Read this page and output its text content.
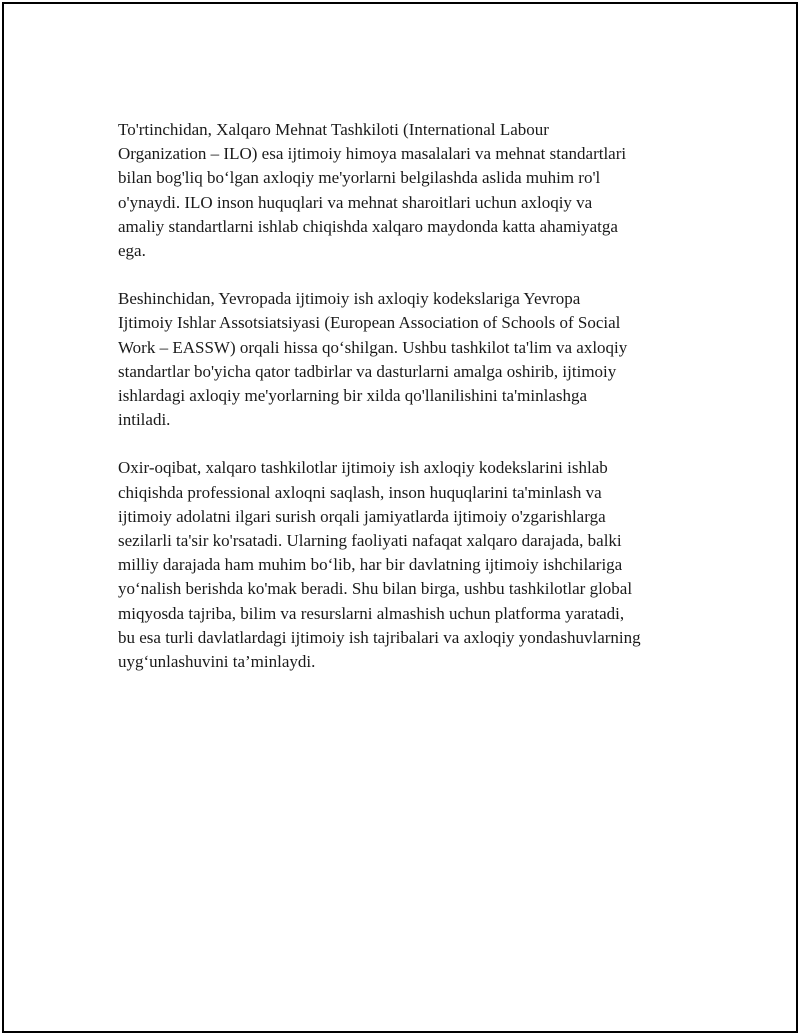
To'rtinchidan, Xalqaro Mehnat Tashkiloti (International Labour
Organization – ILO) esa ijtimoiy himoya masalalari va mehnat standartlari
bilan bog'liq bo‘lgan axloqiy me'yorlarni belgilashda aslida muhim ro'l
o'ynaydi. ILO inson huquqlari va mehnat sharoitlari uchun axloqiy va
amaliy standartlarni ishlab chiqishda xalqaro maydonda katta ahamiyatga
ega.

Beshinchidan, Yevropada ijtimoiy ish axloqiy kodekslariga Yevropa
Ijtimoiy Ishlar Assotsiatsiyasi (European Association of Schools of Social
Work – EASSW) orqali hissa qo‘shilgan. Ushbu tashkilot ta'lim va axloqiy
standartlar bo'yicha qator tadbirlar va dasturlarni amalga oshirib, ijtimoiy
ishlardagi axloqiy me'yorlarning bir xilda qo'llanilishini ta'minlashga
intiladi.

Oxir-oqibat, xalqaro tashkilotlar ijtimoiy ish axloqiy kodekslarini ishlab
chiqishda professional axloqni saqlash, inson huquqlarini ta'minlash va
ijtimoiy adolatni ilgari surish orqali jamiyatlarda ijtimoiy o'zgarishlarga
sezilarli ta'sir ko'rsatadi. Ularning faoliyati nafaqat xalqaro darajada, balki
milliy darajada ham muhim bo‘lib, har bir davlatning ijtimoiy ishchilariga
yo‘nalish berishda ko'mak beradi. Shu bilan birga, ushbu tashkilotlar global
miqyosda tajriba, bilim va resurslarni almashish uchun platforma yaratadi,
bu esa turli davlatlardagi ijtimoiy ish tajribalari va axloqiy yondashuvlarning
uyg‘unlashuvini ta’minlaydi.
